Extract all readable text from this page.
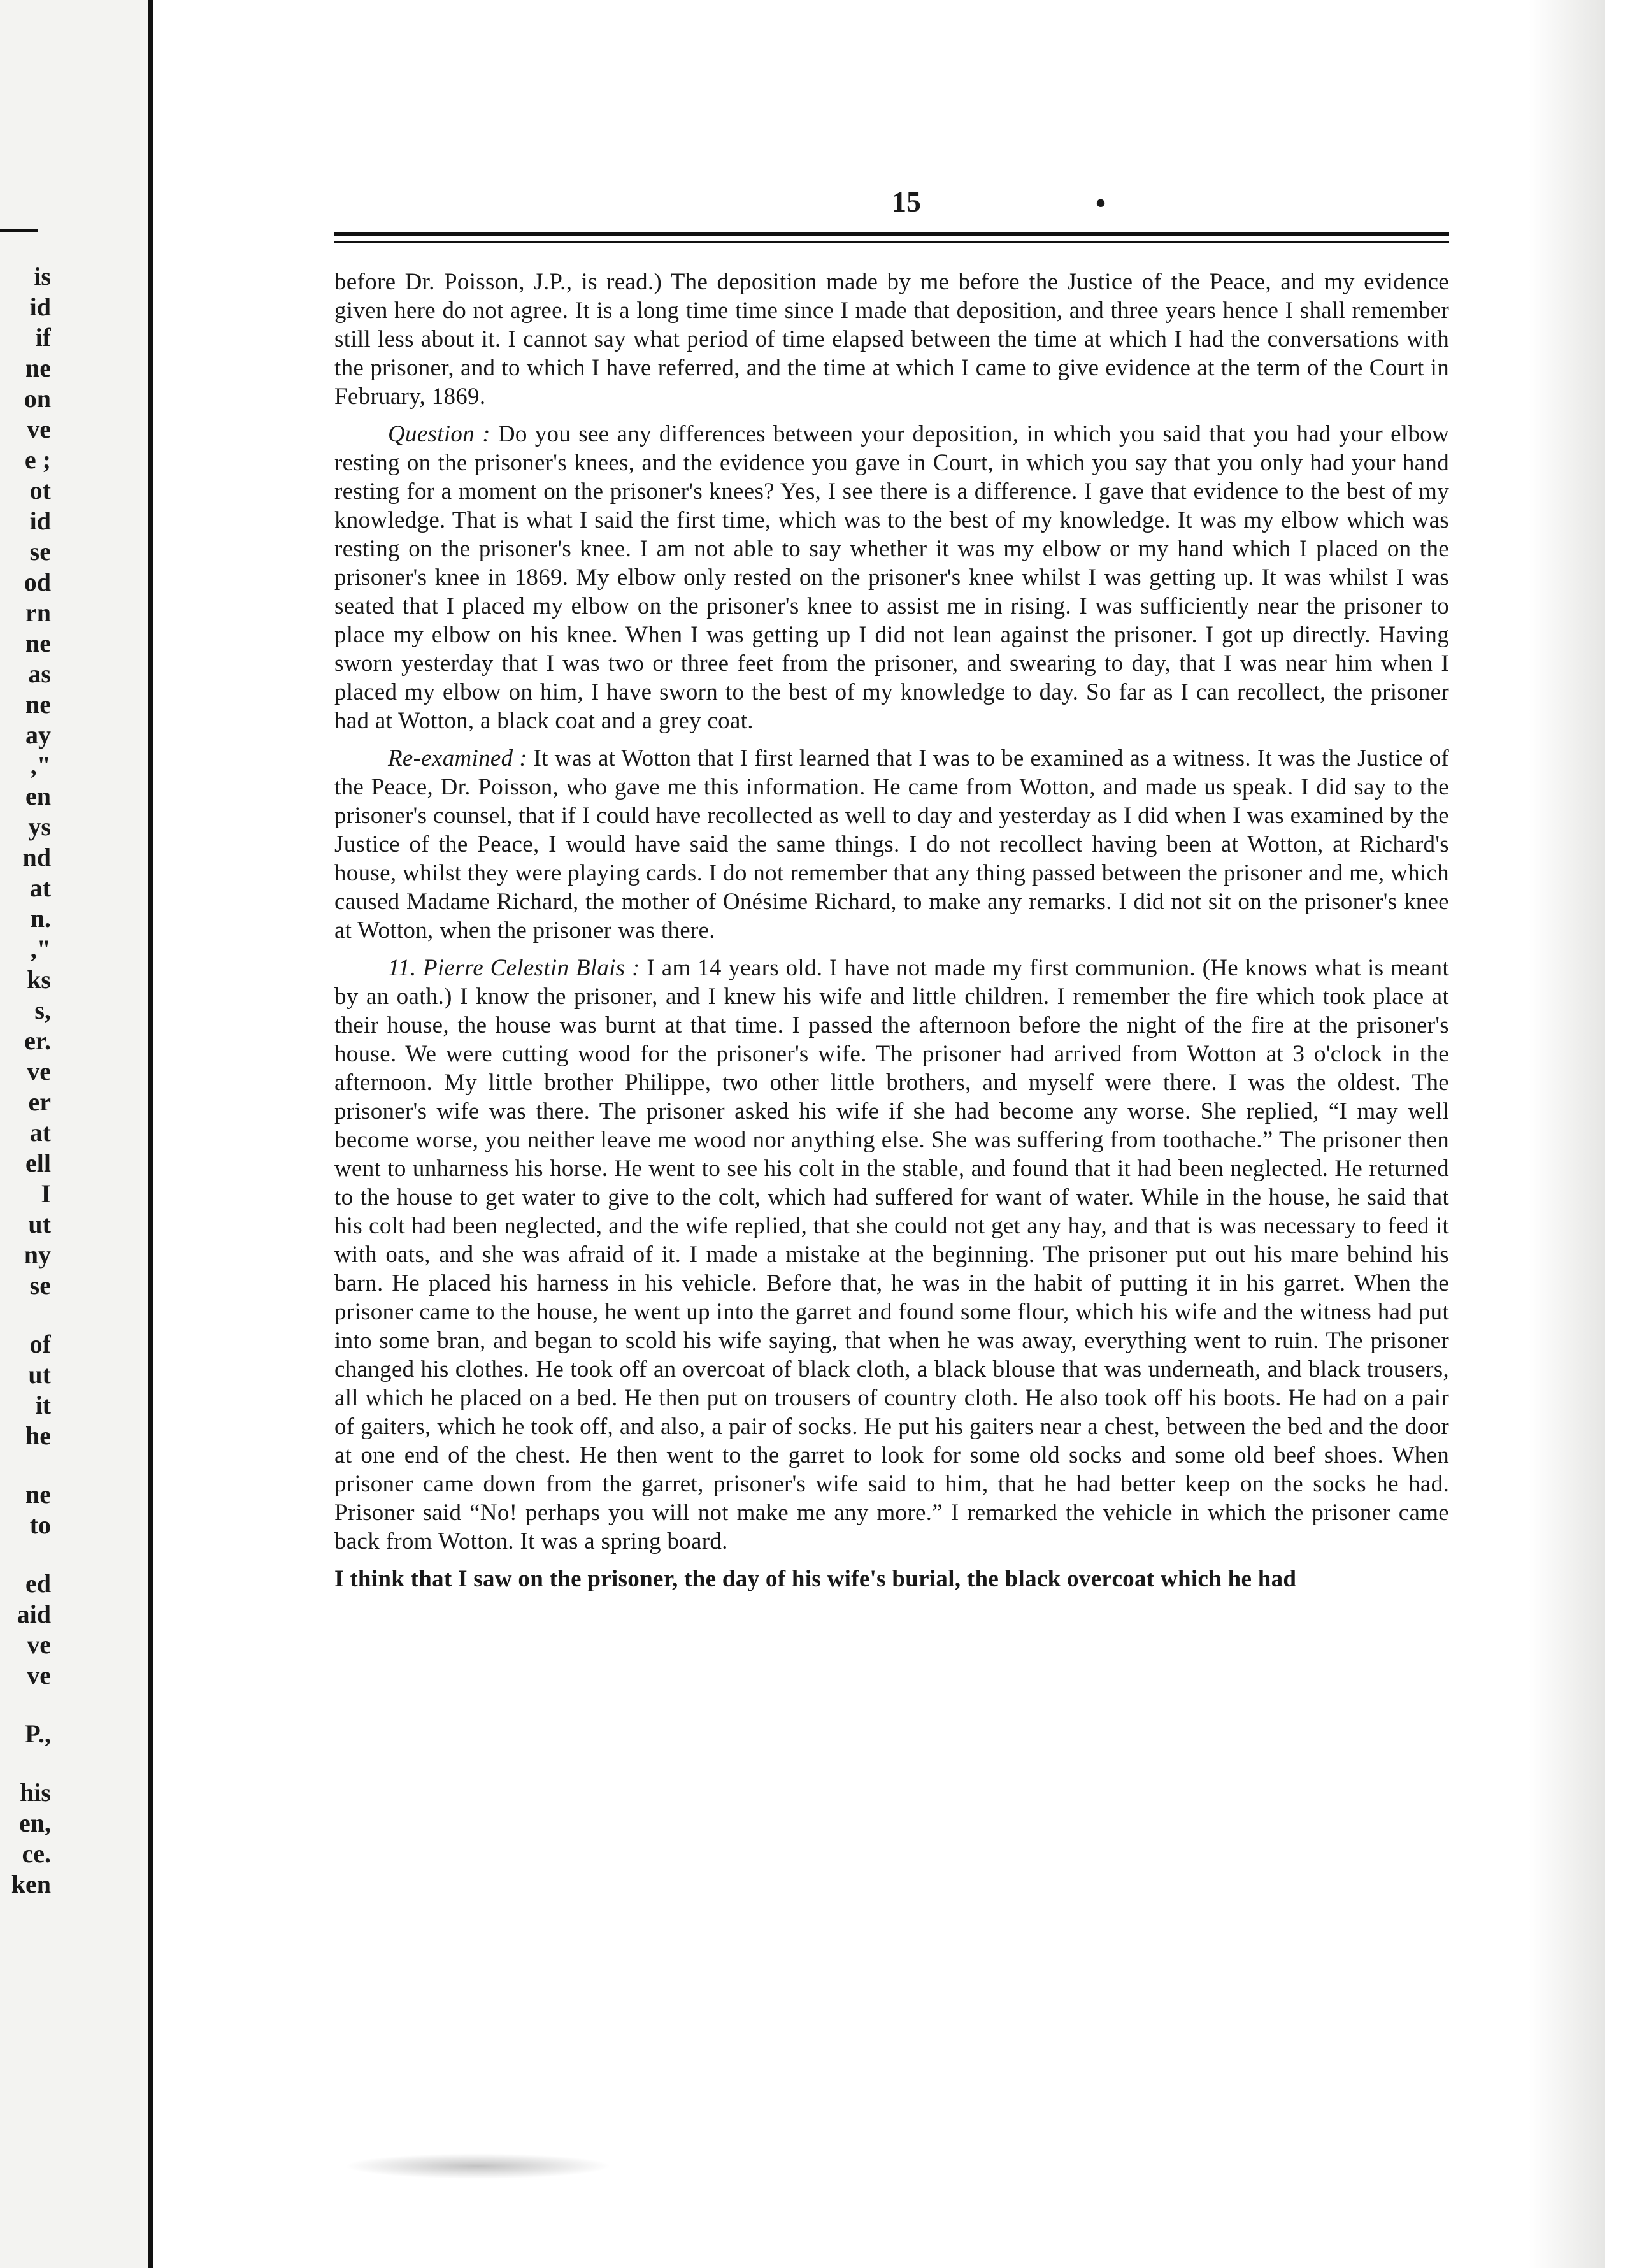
is
id
if
ne
on
ve
e ;
ot
id
se
od
rn
ne
as
ne
ay
,"
en
ys
nd
at
n.
,"
ks
s,
er.
ve
er
at
ell
I
ut
ny
se
of
ut
it
he
ne
to
ed
aid
ve
ve
P.,
his
en,
ce.
ken
15	•

before Dr. Poisson, J.P., is read.) The deposition made by me before the Justice of the Peace, and my evidence given here do not agree. It is a long time time since I made that deposition, and three years hence I shall remember still less about it. I cannot say what period of time elapsed between the time at which I had the conversations with the prisoner, and to which I have referred, and the time at which I came to give evidence at the term of the Court in February, 1869.

Question : Do you see any differences between your deposition, in which you said that you had your elbow resting on the prisoner's knees, and the evidence you gave in Court, in which you say that you only had your hand resting for a moment on the prisoner's knees? Yes, I see there is a difference. I gave that evidence to the best of my knowledge. That is what I said the first time, which was to the best of my knowledge. It was my elbow which was resting on the prisoner's knee. I am not able to say whether it was my elbow or my hand which I placed on the prisoner's knee in 1869. My elbow only rested on the prisoner's knee whilst I was getting up. It was whilst I was seated that I placed my elbow on the prisoner's knee to assist me in rising. I was sufficiently near the prisoner to place my elbow on his knee. When I was getting up I did not lean against the prisoner. I got up directly. Having sworn yesterday that I was two or three feet from the prisoner, and swearing to day, that I was near him when I placed my elbow on him, I have sworn to the best of my knowledge to day. So far as I can recollect, the prisoner had at Wotton, a black coat and a grey coat.

Re-examined : It was at Wotton that I first learned that I was to be examined as a witness. It was the Justice of the Peace, Dr. Poisson, who gave me this information. He came from Wotton, and made us speak. I did say to the prisoner's counsel, that if I could have recollected as well to day and yesterday as I did when I was examined by the Justice of the Peace, I would have said the same things. I do not recollect having been at Wotton, at Richard's house, whilst they were playing cards. I do not remember that any thing passed between the prisoner and me, which caused Madame Richard, the mother of Onésime Richard, to make any remarks. I did not sit on the prisoner's knee at Wotton, when the prisoner was there.

11. Pierre Celestin Blais : I am 14 years old. I have not made my first communion. (He knows what is meant by an oath.) I know the prisoner, and I knew his wife and little children. I remember the fire which took place at their house, the house was burnt at that time. I passed the afternoon before the night of the fire at the prisoner's house. We were cutting wood for the prisoner's wife. The prisoner had arrived from Wotton at 3 o'clock in the afternoon. My little brother Philippe, two other little brothers, and myself were there. I was the oldest. The prisoner's wife was there. The prisoner asked his wife if she had become any worse. She replied, “I may well become worse, you neither leave me wood nor anything else. She was suffering from toothache.” The prisoner then went to unharness his horse. He went to see his colt in the stable, and found that it had been neglected. He returned to the house to get water to give to the colt, which had suffered for want of water. While in the house, he said that his colt had been neglected, and the wife replied, that she could not get any hay, and that is was necessary to feed it with oats, and she was afraid of it. I made a mistake at the beginning. The prisoner put out his mare behind his barn. He placed his harness in his vehicle. Before that, he was in the habit of putting it in his garret. When the prisoner came to the house, he went up into the garret and found some flour, which his wife and the witness had put into some bran, and began to scold his wife saying, that when he was away, everything went to ruin. The prisoner changed his clothes. He took off an overcoat of black cloth, a black blouse that was underneath, and black trousers, all which he placed on a bed. He then put on trousers of country cloth. He also took off his boots. He had on a pair of gaiters, which he took off, and also, a pair of socks. He put his gaiters near a chest, between the bed and the door at one end of the chest. He then went to the garret to look for some old socks and some old beef shoes. When prisoner came down from the garret, prisoner's wife said to him, that he had better keep on the socks he had. Prisoner said “No! perhaps you will not make me any more.” I remarked the vehicle in which the prisoner came back from Wotton. It was a spring board.

I think that I saw on the prisoner, the day of his wife's burial, the black overcoat which he had
